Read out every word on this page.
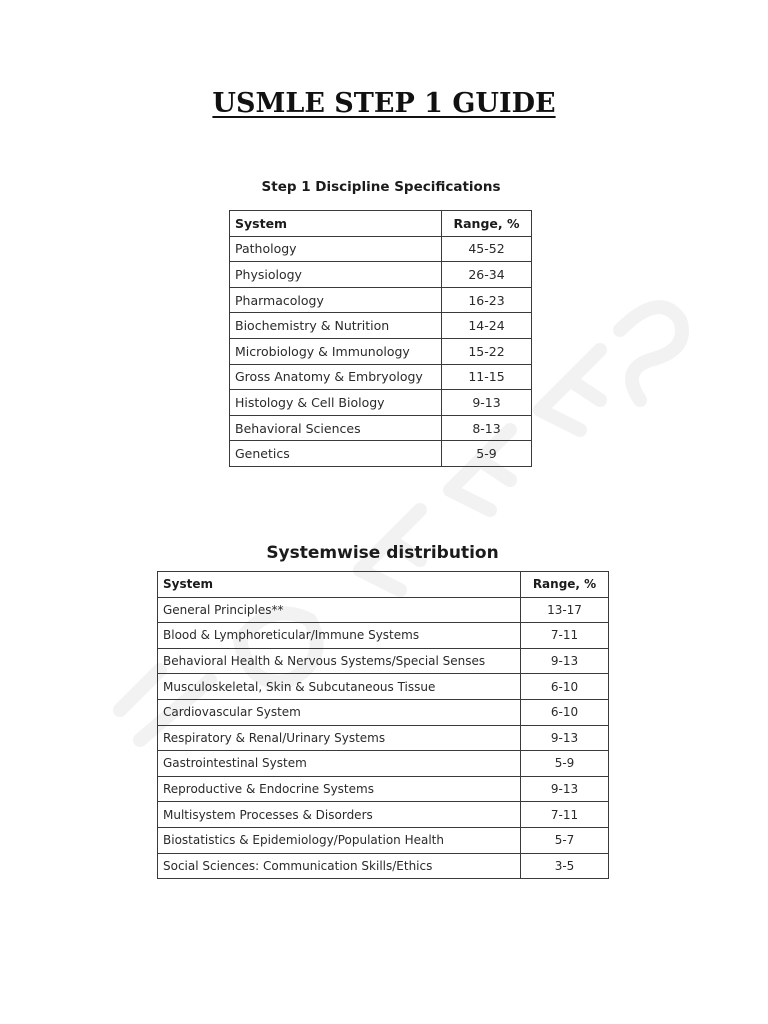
USMLE STEP 1 GUIDE
Step 1 Discipline Specifications
System	Range, %
Pathology	45-52
Physiology	26-34
Pharmacology	16-23
Biochemistry & Nutrition	14-24
Microbiology & Immunology	15-22
Gross Anatomy & Embryology	11-15
Histology & Cell Biology	9-13
Behavioral Sciences	8-13
Genetics	5-9
Systemwise distribution
System	Range, %
General Principles**	13-17
Blood & Lymphoreticular/Immune Systems	7-11
Behavioral Health & Nervous Systems/Special Senses	9-13
Musculoskeletal, Skin & Subcutaneous Tissue	6-10
Cardiovascular System	6-10
Respiratory & Renal/Urinary Systems	9-13
Gastrointestinal System	5-9
Reproductive & Endocrine Systems	9-13
Multisystem Processes & Disorders	7-11
Biostatistics & Epidemiology/Population Health	5-7
Social Sciences: Communication Skills/Ethics	3-5
